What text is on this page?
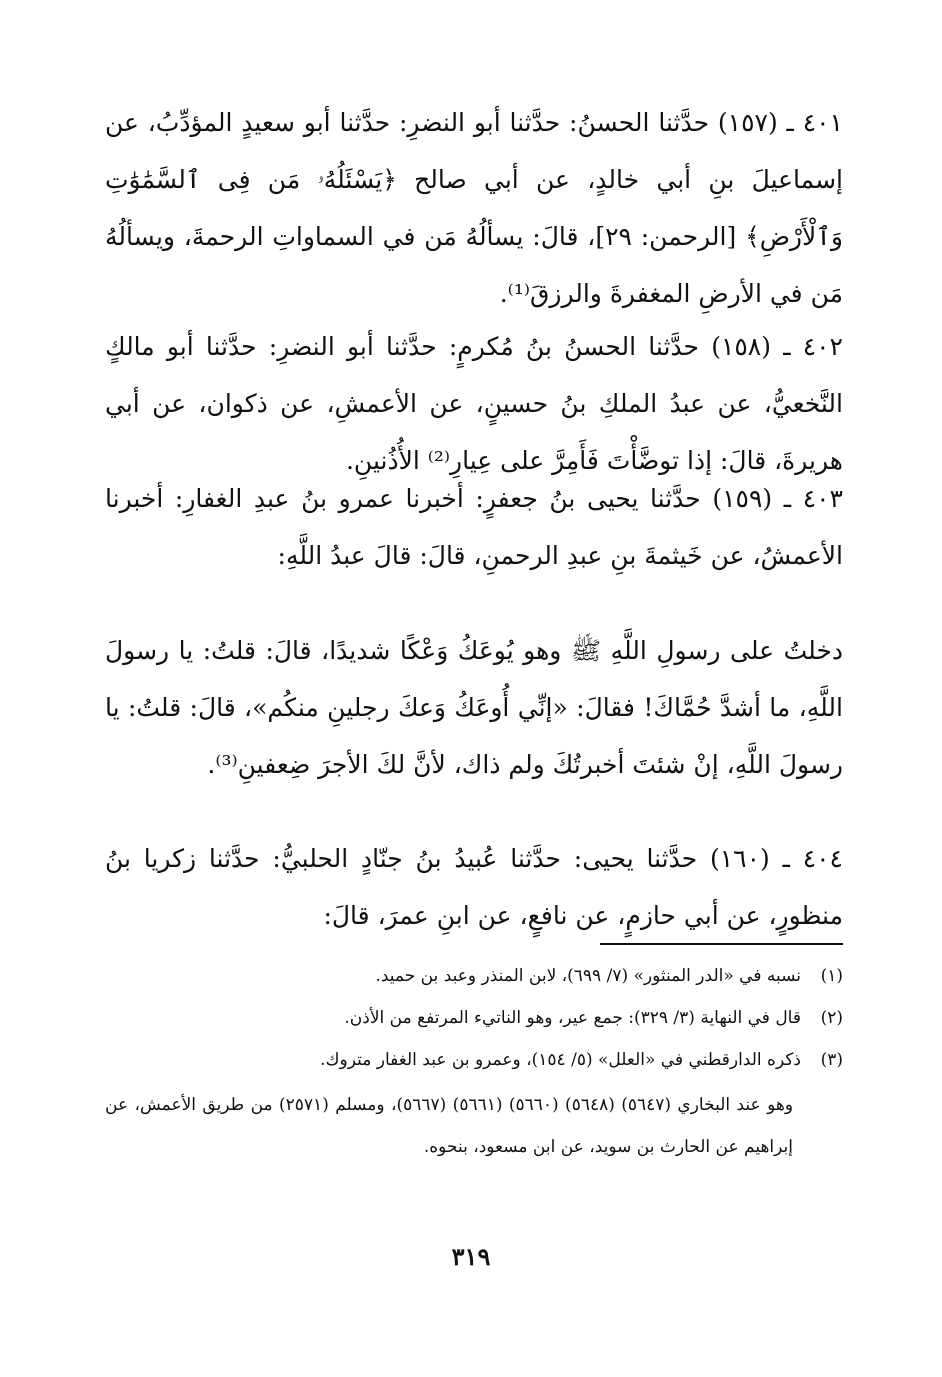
٤٠١ ـ (١٥٧) حدَّثنا الحسنُ: حدَّثنا أبو النضرِ: حدَّثنا أبو سعيدٍ المؤدِّبُ، عن إسماعيلَ بنِ أبي خالدٍ، عن أبي صالح ﴿يَسْئَلُهُۥ مَن فِى ٱلسَّمَٰوَٰتِ وَٱلْأَرْضِ﴾ [الرحمن: ٢٩]، قالَ: يسألُهُ مَن في السماواتِ الرحمةَ، ويسألُهُ مَن في الأرضِ المغفرةَ والرزقَ⁽¹⁾.

٤٠٢ ـ (١٥٨) حدَّثنا الحسنُ بنُ مُكرمٍ: حدَّثنا أبو النضرِ: حدَّثنا أبو مالكٍ النَّخعيُّ، عن عبدُ الملكِ بنُ حسينٍ، عن الأعمشِ، عن ذكوان، عن أبي هريرةَ، قالَ: إذا توضَّأْتَ فَأَمِرَّ على عِيارِ⁽²⁾ الأُذُنينِ.

٤٠٣ ـ (١٥٩) حدَّثنا يحيى بنُ جعفرٍ: أخبرنا عمرو بنُ عبدِ الغفارِ: أخبرنا الأعمشُ، عن خَيثمةَ بنِ عبدِ الرحمنِ، قالَ: قالَ عبدُ اللَّهِ:

دخلتُ على رسولِ اللَّهِ ﷺ وهو يُوعَكُ وَعْكًا شديدًا، قالَ: قلتُ: يا رسولَ اللَّهِ، ما أشدَّ حُمَّاكَ! فقالَ: «إنِّي أُوعَكُ وَعكَ رجلينِ منكُم»، قالَ: قلتُ: يا رسولَ اللَّهِ، إنْ شئتَ أخبرتُكَ ولم ذاك، لأنَّ لكَ الأجرَ ضِعفينِ⁽³⁾.

٤٠٤ ـ (١٦٠) حدَّثنا يحيى: حدَّثنا عُبيدُ بنُ جنّادٍ الحلبيُّ: حدَّثنا زكريا بنُ منظورٍ، عن أبي حازمٍ، عن نافعٍ، عن ابنِ عمرَ، قالَ:

(١)
نسبه في «الدر المنثور» (٧/ ٦٩٩)، لابن المنذر وعبد بن حميد.
(٢)
قال في النهاية (٣/ ٣٢٩): جمع عير، وهو الناتيء المرتفع من الأذن.
(٣)
ذكره الدارقطني في «العلل» (٥/ ١٥٤)، وعمرو بن عبد الغفار متروك.
وهو عند البخاري (٥٦٤٧) (٥٦٤٨) (٥٦٦٠) (٥٦٦١) (٥٦٦٧)، ومسلم (٢٥٧١) من طريق الأعمش، عن إبراهيم عن الحارث بن سويد، عن ابن مسعود، بنحوه.
٣١٩
